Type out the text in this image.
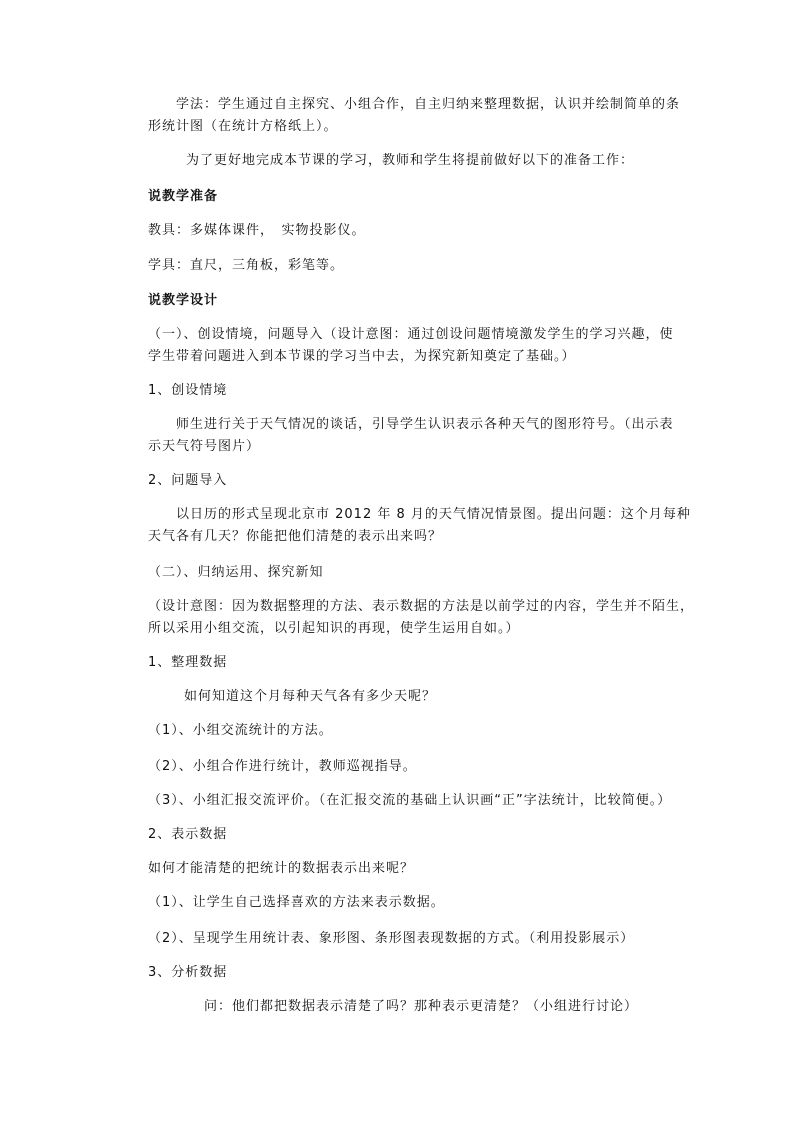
学法：学生通过自主探究、小组合作，自主归纳来整理数据，认识并绘制简单的条
形统计图（在统计方格纸上）。
为了更好地完成本节课的学习，教师和学生将提前做好以下的准备工作：
说教学准备
教具：多媒体课件，　实物投影仪。
学具：直尺，三角板，彩笔等。
说教学设计
（一）、创设情境，问题导入（设计意图：通过创设问题情境激发学生的学习兴趣，使
学生带着问题进入到本节课的学习当中去，为探究新知奠定了基础。）
1、创设情境
师生进行关于天气情况的谈话，引导学生认识表示各种天气的图形符号。（出示表
示天气符号图片）
2、问题导入
以日历的形式呈现北京市 2012 年 8 月的天气情况情景图。提出问题：这个月每种
天气各有几天？你能把他们清楚的表示出来吗？
（二）、归纳运用、探究新知
（设计意图：因为数据整理的方法、表示数据的方法是以前学过的内容，学生并不陌生，
所以采用小组交流，以引起知识的再现，使学生运用自如。）
1、整理数据
如何知道这个月每种天气各有多少天呢？
（1）、小组交流统计的方法。
（2）、小组合作进行统计，教师巡视指导。
（3）、小组汇报交流评价。（在汇报交流的基础上认识画“正”字法统计，比较简便。）
2、表示数据
如何才能清楚的把统计的数据表示出来呢？
（1）、让学生自己选择喜欢的方法来表示数据。
（2）、呈现学生用统计表、象形图、条形图表现数据的方式。（利用投影展示）
3、分析数据
问：他们都把数据表示清楚了吗？那种表示更清楚？（小组进行讨论）
